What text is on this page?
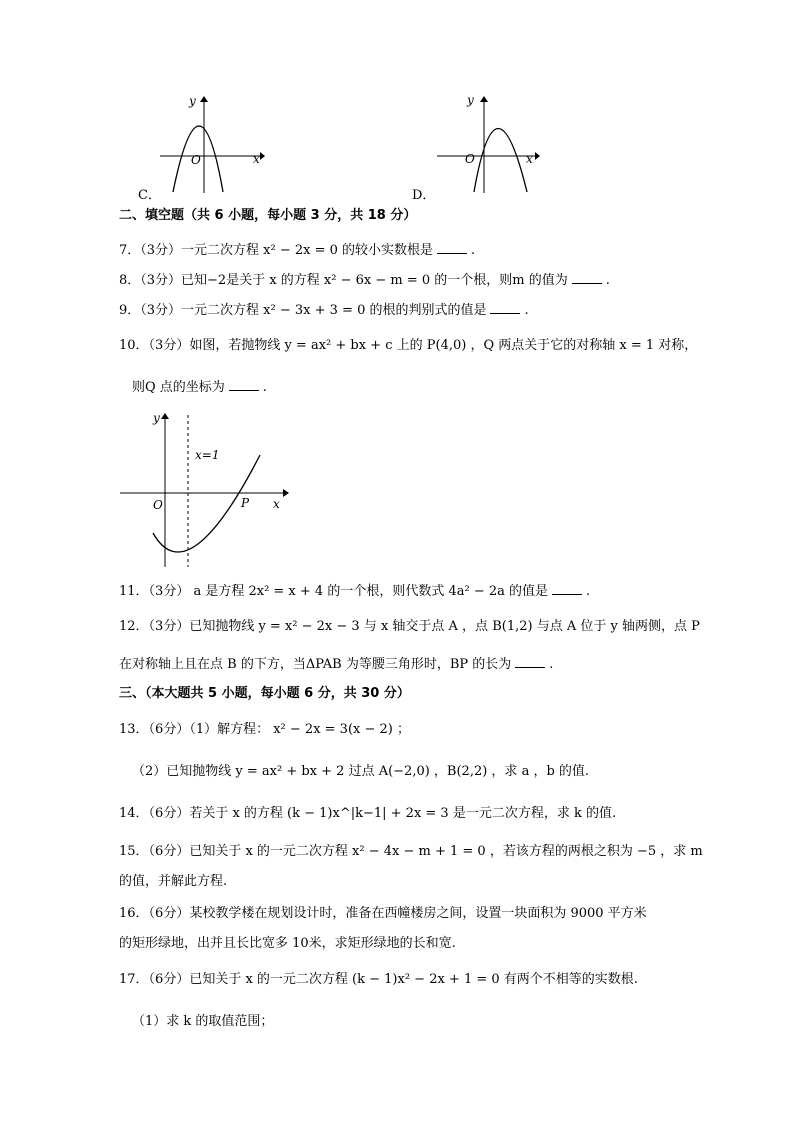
y
x
O
C．
y
x
O
D．
二、填空题（共 6 小题，每小题 3 分，共 18 分）
7．（3分）一元二次方程 x² − 2x = 0 的较小实数根是	.
8．（3分）已知−2是关于 x 的方程 x² − 6x − m = 0 的一个根，则m 的值为	.
9．（3分）一元二次方程 x² − 3x + 3 = 0 的根的判别式的值是	.
10．（3分）如图，若抛物线 y = ax² + bx + c 上的 P(4,0) ，Q 两点关于它的对称轴 x = 1 对称，
则Q 点的坐标为	.
y
x=1
O	P x
11．（3分） a 是方程 2x² = x + 4 的一个根，则代数式 4a² − 2a 的值是	.
12．（3分）已知抛物线 y = x² − 2x − 3 与 x 轴交于点 A ，点 B(1,2) 与点 A 位于 y 轴两侧，点 P
在对称轴上且在点 B 的下方，当ΔPAB 为等腰三角形时，BP 的长为	.
三、（本大题共 5 小题，每小题 6 分，共 30 分）
13．（6分）（1）解方程： x² − 2x = 3(x − 2) ；
（2）已知抛物线 y = ax² + bx + 2 过点 A(−2,0) ，B(2,2) ，求 a ，b 的值.
14．（6分）若关于 x 的方程 (k − 1)x^|k−1| + 2x = 3 是一元二次方程，求 k 的值.
15．（6分）已知关于 x 的一元二次方程 x² − 4x − m + 1 = 0 ，若该方程的两根之积为 −5 ，求 m
的值，并解此方程.
16．（6分）某校教学楼在规划设计时，准备在西幢楼房之间，设置一块面积为 9000 平方米
的矩形绿地，出并且长比宽多 10米，求矩形绿地的长和宽.
17．（6分）已知关于 x 的一元二次方程 (k − 1)x² − 2x + 1 = 0 有两个不相等的实数根.
（1）求 k 的取值范围；
